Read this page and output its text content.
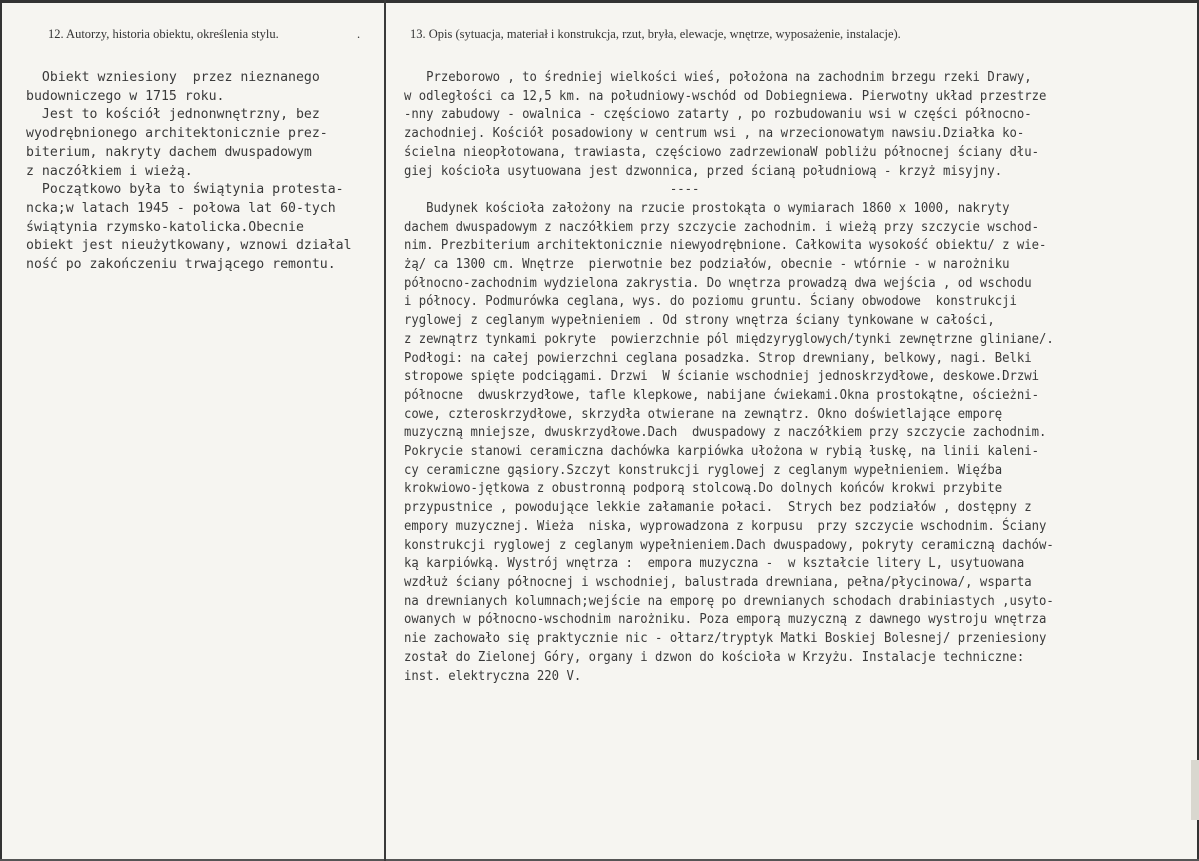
12. Autorzy, historia obiektu, określenia stylu.	.	13. Opis (sytuacja, materiał i konstrukcja, rzut, bryła, elewacje, wnętrze, wyposażenie, instalacje).
Obiekt wzniesiony  przez nieznanego
budowniczego w 1715 roku.
Jest to kościół jednonwnętrzny, bez
wyodrębnionego architektonicznie prez-
biterium, nakryty dachem dwuspadowym
z naczółkiem i wieżą.
Początkowo była to świątynia protesta-
ncka;w latach 1945 - połowa lat 60-tych
świątynia rzymsko-katolicka.Obecnie
obiekt jest nieużytkowany, wznowi działal
ność po zakończeniu trwającego remontu.
Przeborowo , to średniej wielkości wieś, położona na zachodnim brzegu rzeki Drawy,
w odległości ca 12,5 km. na południowy-wschód od Dobiegniewa. Pierwotny układ przestrze
-nny zabudowy - owalnica - częściowo zatarty , po rozbudowaniu wsi w części północno-
zachodniej. Kościół posadowiony w centrum wsi , na wrzecionowatym nawsiu.Działka ko-
ścielna nieopłotowana, trawiasta, częściowo zadrzewionaW pobliżu północnej ściany dłu-
giej kościoła usytuowana jest dzwonnica, przed ścianą południową - krzyż misyjny.
----
Budynek kościoła założony na rzucie prostokąta o wymiarach 1860 x 1000, nakryty
dachem dwuspadowym z naczółkiem przy szczycie zachodnim. i wieżą przy szczycie wschod-
nim. Prezbiterium architektonicznie niewyodrębnione. Całkowita wysokość obiektu/ z wie-
żą/ ca 1300 cm. Wnętrze  pierwotnie bez podziałów, obecnie - wtórnie - w narożniku
północno-zachodnim wydzielona zakrystia. Do wnętrza prowadzą dwa wejścia , od wschodu
i północy. Podmurówka ceglana, wys. do poziomu gruntu. Ściany obwodowe  konstrukcji
ryglowej z ceglanym wypełnieniem . Od strony wnętrza ściany tynkowane w całości,
z zewnątrz tynkami pokryte  powierzchnie pól międzyryglowych/tynki zewnętrzne gliniane/.
Podłogi: na całej powierzchni ceglana posadzka. Strop drewniany, belkowy, nagi. Belki
stropowe spięte podciągami. Drzwi  W ścianie wschodniej jednoskrzydłowe, deskowe.Drzwi
północne  dwuskrzydłowe, tafle klepkowe, nabijane ćwiekami.Okna prostokątne, ościeżni-
cowe, czteroskrzydłowe, skrzydła otwierane na zewnątrz. Okno doświetlające emporę
muzyczną mniejsze, dwuskrzydłowe.Dach  dwuspadowy z naczółkiem przy szczycie zachodnim.
Pokrycie stanowi ceramiczna dachówka karpiówka ułożona w rybią łuskę, na linii kaleni-
cy ceramiczne gąsiory.Szczyt konstrukcji ryglowej z ceglanym wypełnieniem. Więźba
krokwiowo-jętkowa z obustronną podporą stolcową.Do dolnych końców krokwi przybite
przypustnice , powodujące lekkie załamanie połaci.  Strych bez podziałów , dostępny z
empory muzycznej. Wieża  niska, wyprowadzona z korpusu  przy szczycie wschodnim. Ściany
konstrukcji ryglowej z ceglanym wypełnieniem.Dach dwuspadowy, pokryty ceramiczną dachów-
ką karpiówką. Wystrój wnętrza :  empora muzyczna -  w kształcie litery L, usytuowana
wzdłuż ściany północnej i wschodniej, balustrada drewniana, pełna/płycinowa/, wsparta
na drewnianych kolumnach;wejście na emporę po drewnianych schodach drabiniastych ,usyto-
owanych w północno-wschodnim narożniku. Poza emporą muzyczną z dawnego wystroju wnętrza
nie zachowało się praktycznie nic - ołtarz/tryptyk Matki Boskiej Bolesnej/ przeniesiony
został do Zielonej Góry, organy i dzwon do kościoła w Krzyżu. Instalacje techniczne:
inst. elektryczna 220 V.
